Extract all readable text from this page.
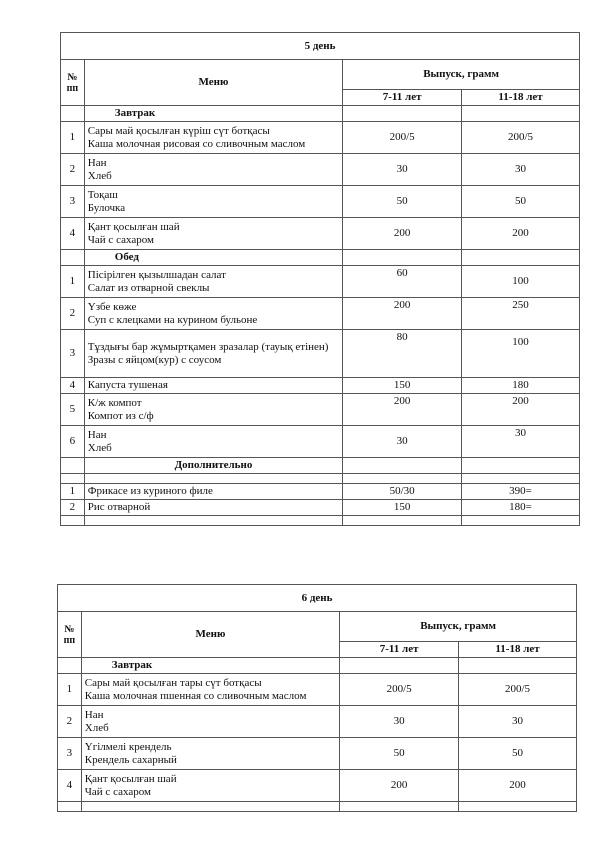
5 день			

№
пп	Меню	Выпуск, грамм	
		7-11 лет	11-18 лет
	Завтрак		
1	Сары май қосылған күріш сүт ботқасы
Каша молочная рисовая со сливочным маслом	200/5	200/5
2	Нан
Хлеб	30	30
3	Тоқаш
Булочка	50	50
4	Қант қосылған шай
Чай с сахаром	200	200
	Обед		
1	Пісірілген қызылшадан салат
Салат из отварной свеклы	60	100
2	Үзбе көже
Суп с клецками на курином бульоне	200	250
3	Тұздығы бар жұмыртқамен зразалар (тауық етінен)
Зразы с яйцом(кур) с соусом	80	100
4	Капуста тушеная	150	180
5	К/ж компот
Компот из с/ф	200	200
6	Нан
Хлеб	30	30
	Дополнительно		

1	Фрикасе из куриного филе	50/30	390=
2	Рис отварной	150	180=

6 день			

№
пп	Меню	Выпуск, грамм	
		7-11 лет	11-18 лет
	Завтрак		
1	Сары май қосылған тары сүт ботқасы
Каша молочная пшенная со сливочным маслом	200/5	200/5
2	Нан
Хлеб	30	30
3	Үгілмелі крендель
Крендель сахарный	50	50
4	Қант қосылған шай
Чай с сахаром	200	200
